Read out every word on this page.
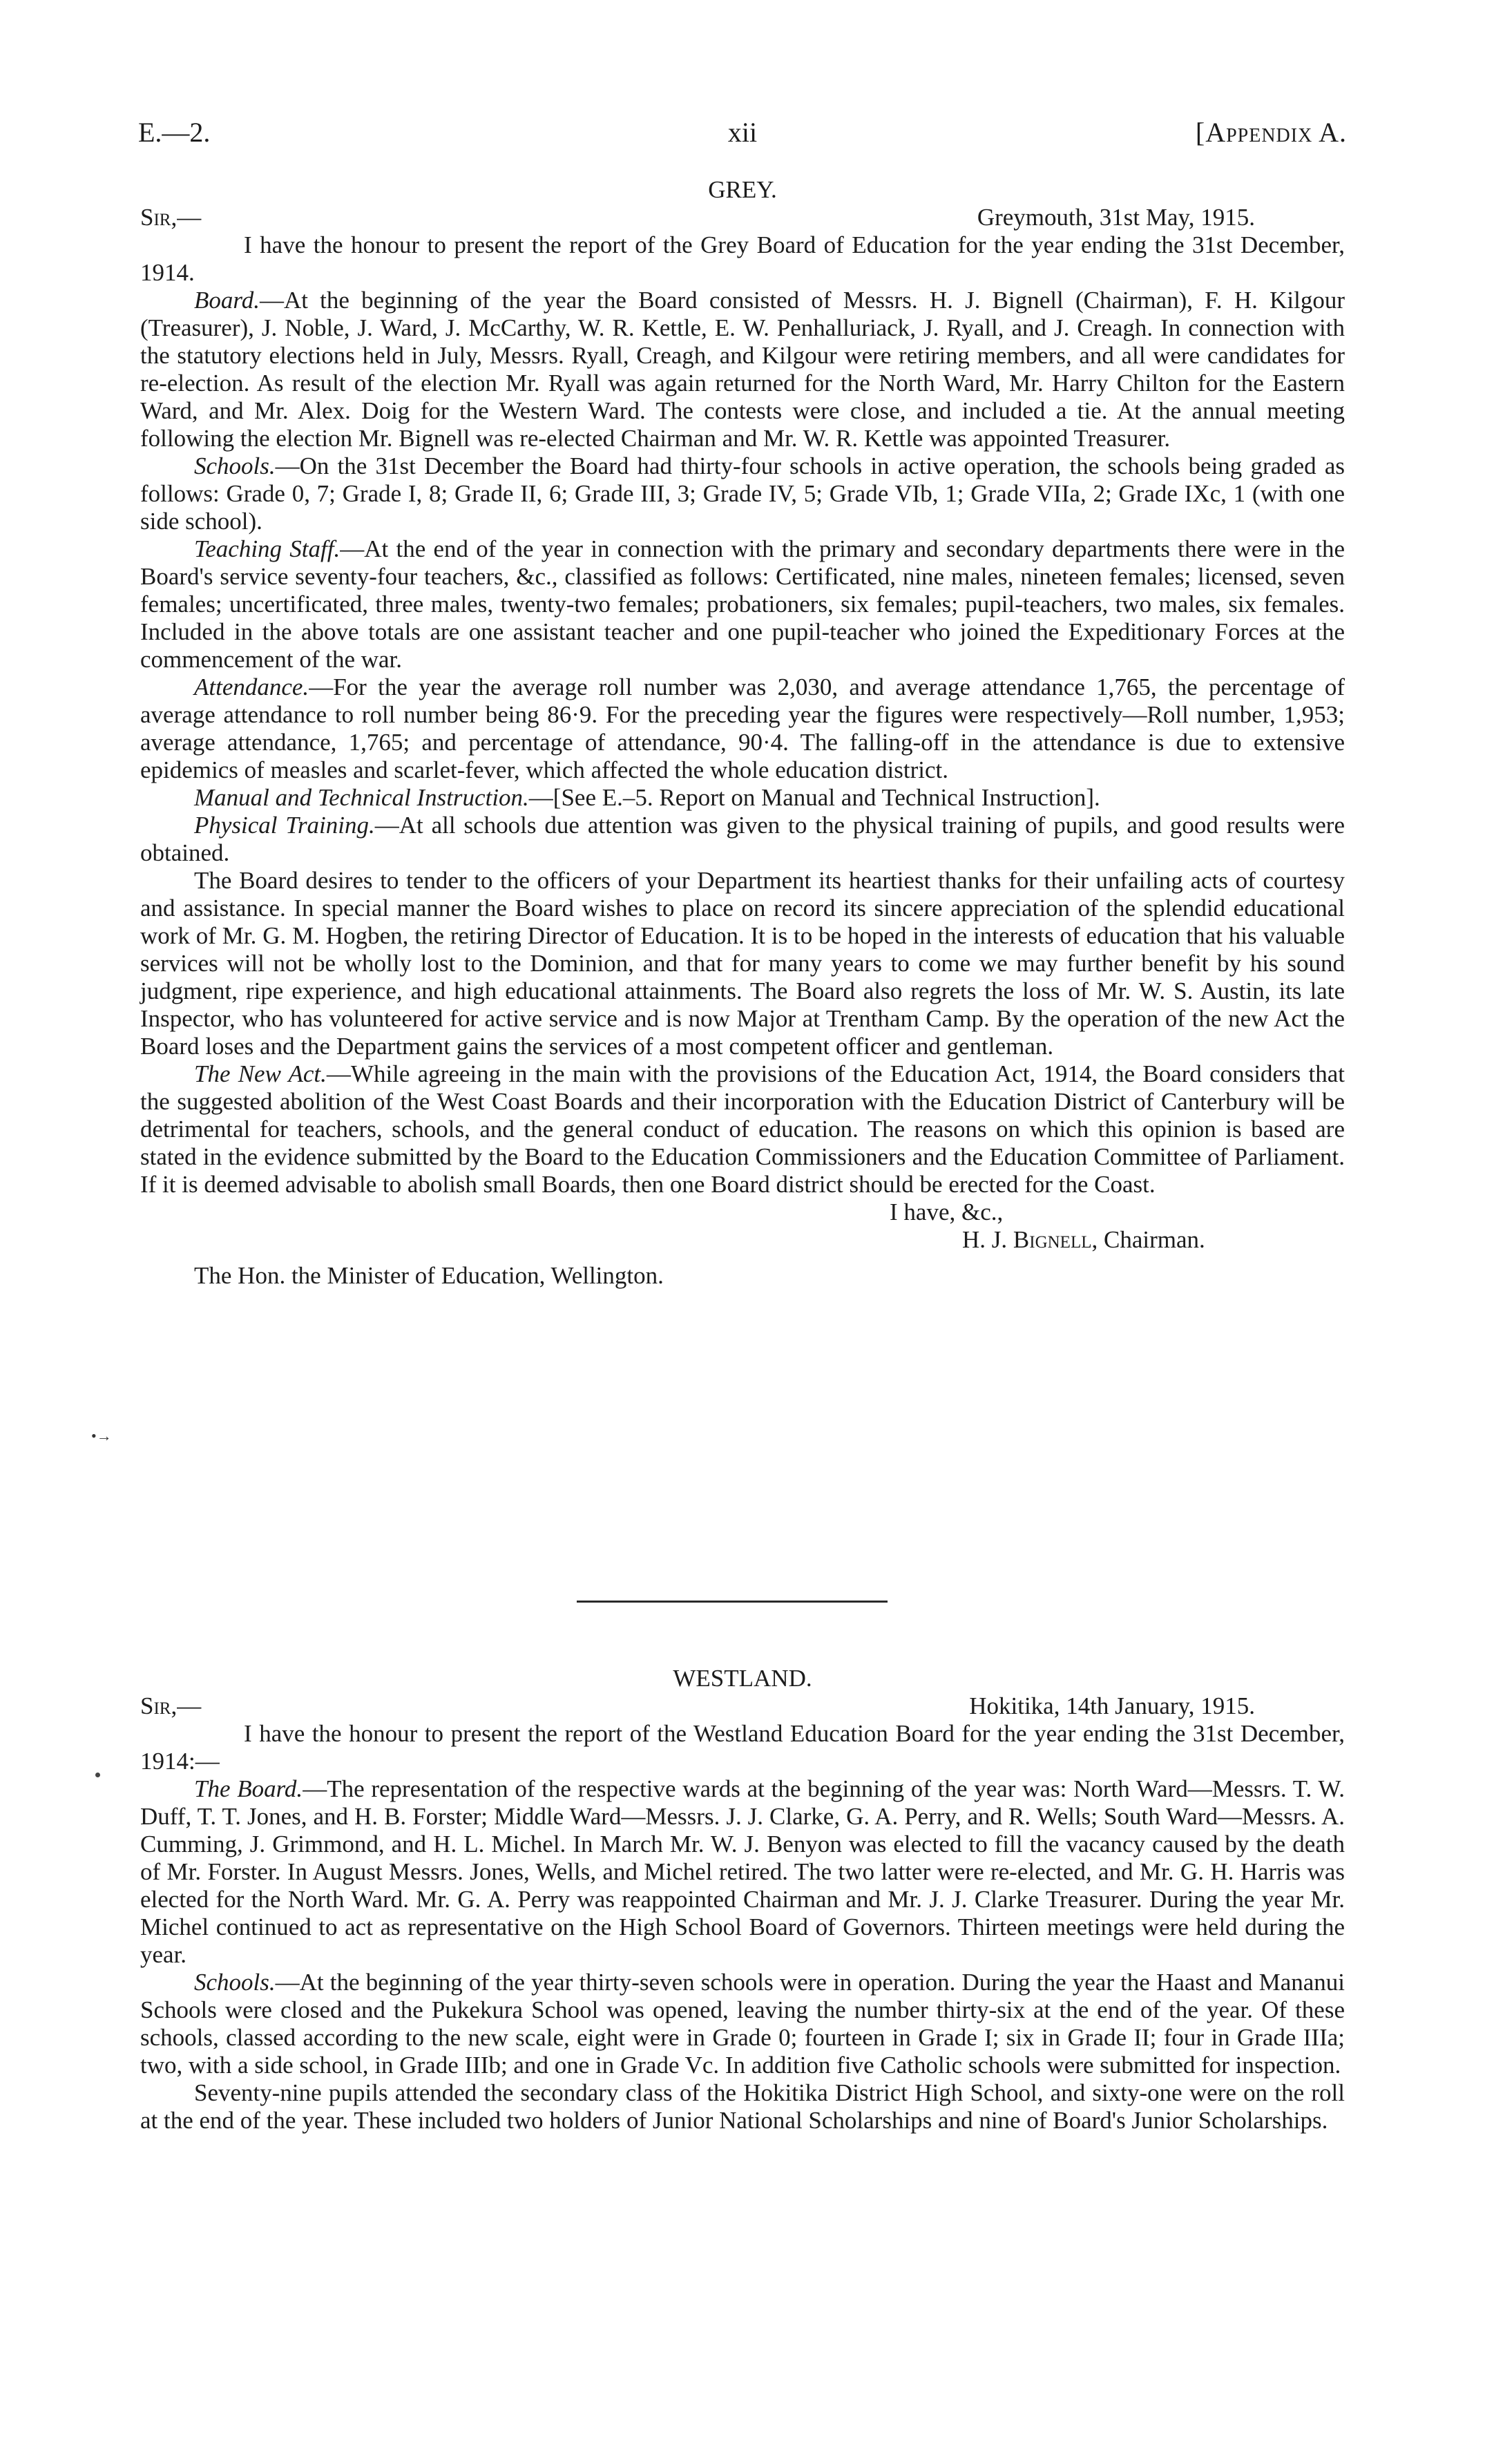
E.—2.	xii	[Appendix A.
GREY.
Sir,—	Greymouth, 31st May, 1915.

I have the honour to present the report of the Grey Board of Education for the year ending the 31st December, 1914.

Board.—At the beginning of the year the Board consisted of Messrs. H. J. Bignell (Chairman), F. H. Kilgour (Treasurer), J. Noble, J. Ward, J. McCarthy, W. R. Kettle, E. W. Penhalluriack, J. Ryall, and J. Creagh. In connection with the statutory elections held in July, Messrs. Ryall, Creagh, and Kilgour were retiring members, and all were candidates for re-election. As result of the election Mr. Ryall was again returned for the North Ward, Mr. Harry Chilton for the Eastern Ward, and Mr. Alex. Doig for the Western Ward. The contests were close, and included a tie. At the annual meeting following the election Mr. Bignell was re-elected Chairman and Mr. W. R. Kettle was appointed Treasurer.

Schools.—On the 31st December the Board had thirty-four schools in active operation, the schools being graded as follows: Grade 0, 7; Grade I, 8; Grade II, 6; Grade III, 3; Grade IV, 5; Grade VIb, 1; Grade VIIa, 2; Grade IXc, 1 (with one side school).

Teaching Staff.—At the end of the year in connection with the primary and secondary departments there were in the Board's service seventy-four teachers, &c., classified as follows: Certificated, nine males, nineteen females; licensed, seven females; uncertificated, three males, twenty-two females; probationers, six females; pupil-teachers, two males, six females. Included in the above totals are one assistant teacher and one pupil-teacher who joined the Expeditionary Forces at the commencement of the war.

Attendance.—For the year the average roll number was 2,030, and average attendance 1,765, the percentage of average attendance to roll number being 86·9. For the preceding year the figures were respectively—Roll number, 1,953; average attendance, 1,765; and percentage of attendance, 90·4. The falling-off in the attendance is due to extensive epidemics of measles and scarlet-fever, which affected the whole education district.

Manual and Technical Instruction.—[See E.–5. Report on Manual and Technical Instruction].

Physical Training.—At all schools due attention was given to the physical training of pupils, and good results were obtained.

The Board desires to tender to the officers of your Department its heartiest thanks for their unfailing acts of courtesy and assistance. In special manner the Board wishes to place on record its sincere appreciation of the splendid educational work of Mr. G. M. Hogben, the retiring Director of Education. It is to be hoped in the interests of education that his valuable services will not be wholly lost to the Dominion, and that for many years to come we may further benefit by his sound judgment, ripe experience, and high educational attainments. The Board also regrets the loss of Mr. W. S. Austin, its late Inspector, who has volunteered for active service and is now Major at Trentham Camp. By the operation of the new Act the Board loses and the Department gains the services of a most competent officer and gentleman.

The New Act.—While agreeing in the main with the provisions of the Education Act, 1914, the Board considers that the suggested abolition of the West Coast Boards and their incorporation with the Education District of Canterbury will be detrimental for teachers, schools, and the general conduct of education. The reasons on which this opinion is based are stated in the evidence submitted by the Board to the Education Commissioners and the Education Committee of Parliament. If it is deemed advisable to abolish small Boards, then one Board district should be erected for the Coast.

I have, &c.,
H. J. Bignell, Chairman.
The Hon. the Minister of Education, Wellington.
•→
WESTLAND.
Sir,—	Hokitika, 14th January, 1915.

I have the honour to present the report of the Westland Education Board for the year ending the 31st December, 1914:—

The Board.—The representation of the respective wards at the beginning of the year was: North Ward—Messrs. T. W. Duff, T. T. Jones, and H. B. Forster; Middle Ward—Messrs. J. J. Clarke, G. A. Perry, and R. Wells; South Ward—Messrs. A. Cumming, J. Grimmond, and H. L. Michel. In March Mr. W. J. Benyon was elected to fill the vacancy caused by the death of Mr. Forster. In August Messrs. Jones, Wells, and Michel retired. The two latter were re-elected, and Mr. G. H. Harris was elected for the North Ward. Mr. G. A. Perry was reappointed Chairman and Mr. J. J. Clarke Treasurer. During the year Mr. Michel continued to act as representative on the High School Board of Governors. Thirteen meetings were held during the year.

Schools.—At the beginning of the year thirty-seven schools were in operation. During the year the Haast and Mananui Schools were closed and the Pukekura School was opened, leaving the number thirty-six at the end of the year. Of these schools, classed according to the new scale, eight were in Grade 0; fourteen in Grade I; six in Grade II; four in Grade IIIa; two, with a side school, in Grade IIIb; and one in Grade Vc. In addition five Catholic schools were submitted for inspection.

Seventy-nine pupils attended the secondary class of the Hokitika District High School, and sixty-one were on the roll at the end of the year. These included two holders of Junior National Scholarships and nine of Board's Junior Scholarships.
